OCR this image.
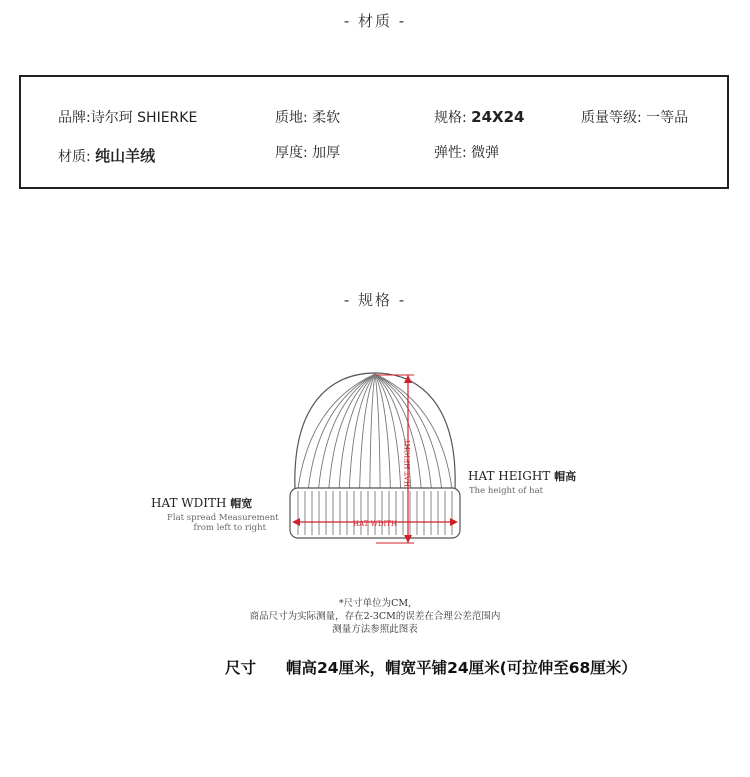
- 材质 -
品牌:诗尔珂 SHIERKE	质地: 柔软	规格: 24X24	质量等级: 一等品
材质: 纯山羊绒	厚度: 加厚	弹性: 微弹
- 规格 -
HAT HEIGHT
HAT WDITH
HAT HEIGHT 帽高
The height of hat
HAT WDITH 帽宽
Flat spread Measurement
from left to right
*尺寸单位为CM,
商品尺寸为实际测量，存在2-3CM的误差在合理公差范围内
测量方法参照此图表
尺寸 帽高24厘米，帽宽平铺24厘米(可拉伸至68厘米）
